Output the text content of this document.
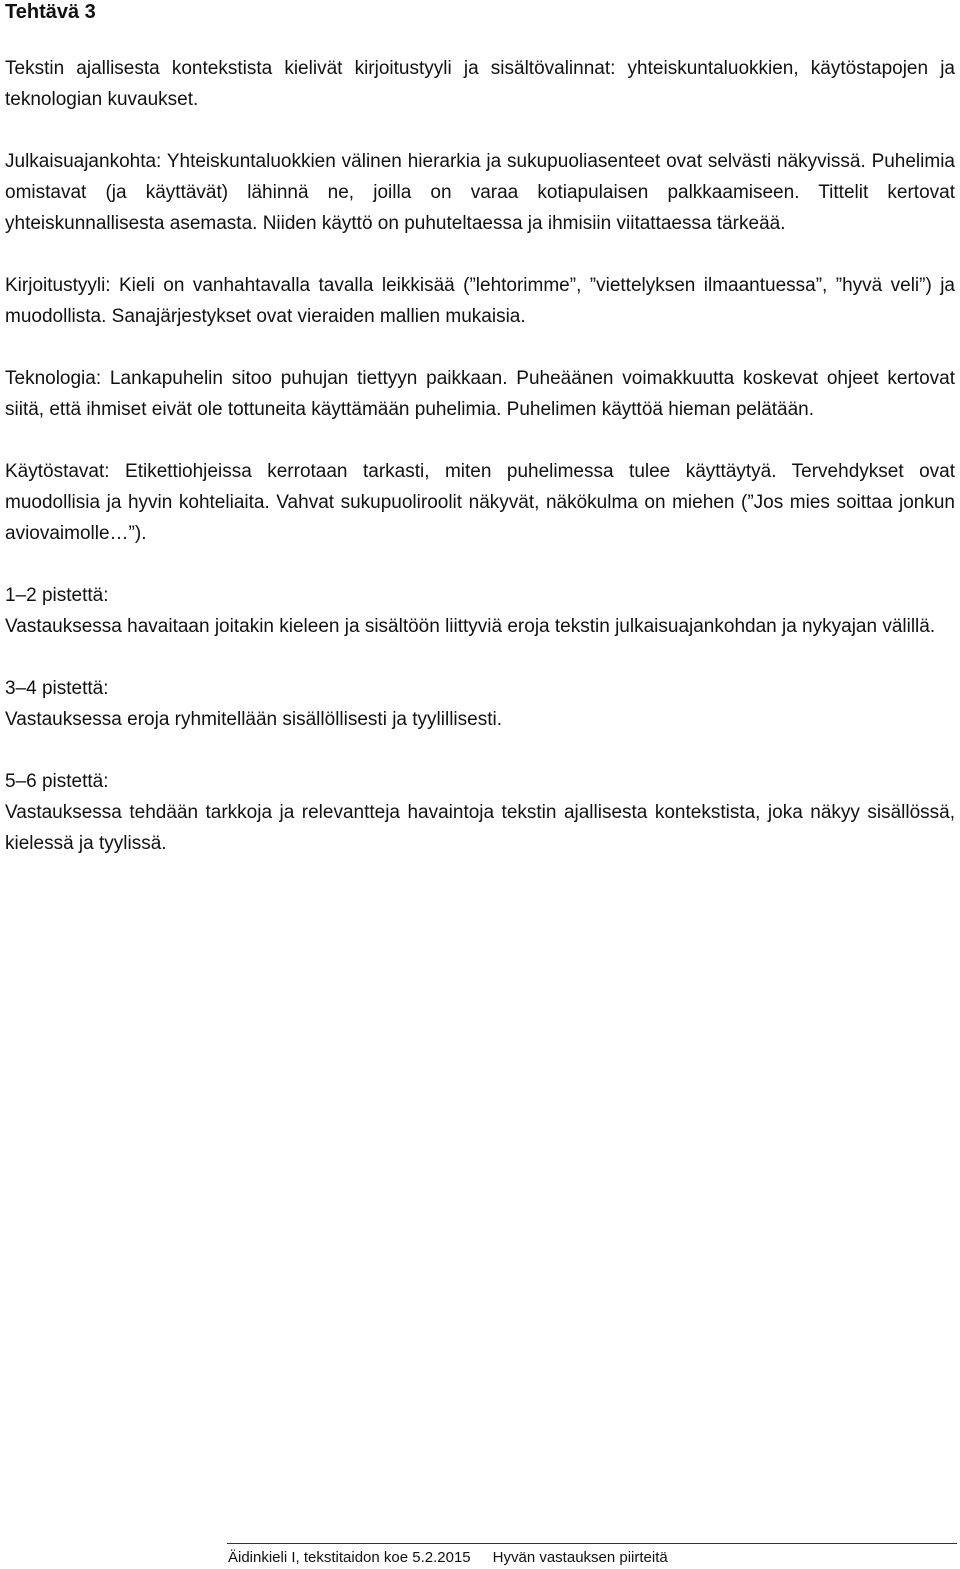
Tehtävä 3

Tekstin ajallisesta kontekstista kielivät kirjoitustyyli ja sisältövalinnat: yhteiskuntaluokkien, käytöstapojen ja teknologian kuvaukset.

Julkaisuajankohta: Yhteiskuntaluokkien välinen hierarkia ja sukupuoliasenteet ovat selvästi näkyvissä. Puhelimia omistavat (ja käyttävät) lähinnä ne, joilla on varaa kotiapulaisen palkkaamiseen. Tittelit kertovat yhteiskunnallisesta asemasta. Niiden käyttö on puhuteltaessa ja ihmisiin viitattaessa tärkeää.

Kirjoitustyyli: Kieli on vanhahtavalla tavalla leikkisää (”lehtorimme”, ”viettelyksen ilmaantuessa”, ”hyvä veli”) ja muodollista. Sanajärjestykset ovat vieraiden mallien mukaisia.

Teknologia: Lankapuhelin sitoo puhujan tiettyyn paikkaan. Puheäänen voimakkuutta koskevat ohjeet kertovat siitä, että ihmiset eivät ole tottuneita käyttämään puhelimia. Puhelimen käyttöä hieman pelätään.

Käytöstavat: Etikettiohjeissa kerrotaan tarkasti, miten puhelimessa tulee käyttäytyä. Tervehdykset ovat muodollisia ja hyvin kohteliaita. Vahvat sukupuoliroolit näkyvät, näkökulma on miehen (”Jos mies soittaa jonkun aviovaimolle…”).

1–2 pistettä:

Vastauksessa havaitaan joitakin kieleen ja sisältöön liittyviä eroja tekstin julkaisuajankohdan ja nykyajan välillä.

3–4 pistettä:

Vastauksessa eroja ryhmitellään sisällöllisesti ja tyylillisesti.

5–6 pistettä:

Vastauksessa tehdään tarkkoja ja relevantteja havaintoja tekstin ajallisesta kontekstista, joka näkyy sisällössä, kielessä ja tyylissä.

Äidinkieli I, tekstitaidon koe 5.2.2015 Hyvän vastauksen piirteitä
